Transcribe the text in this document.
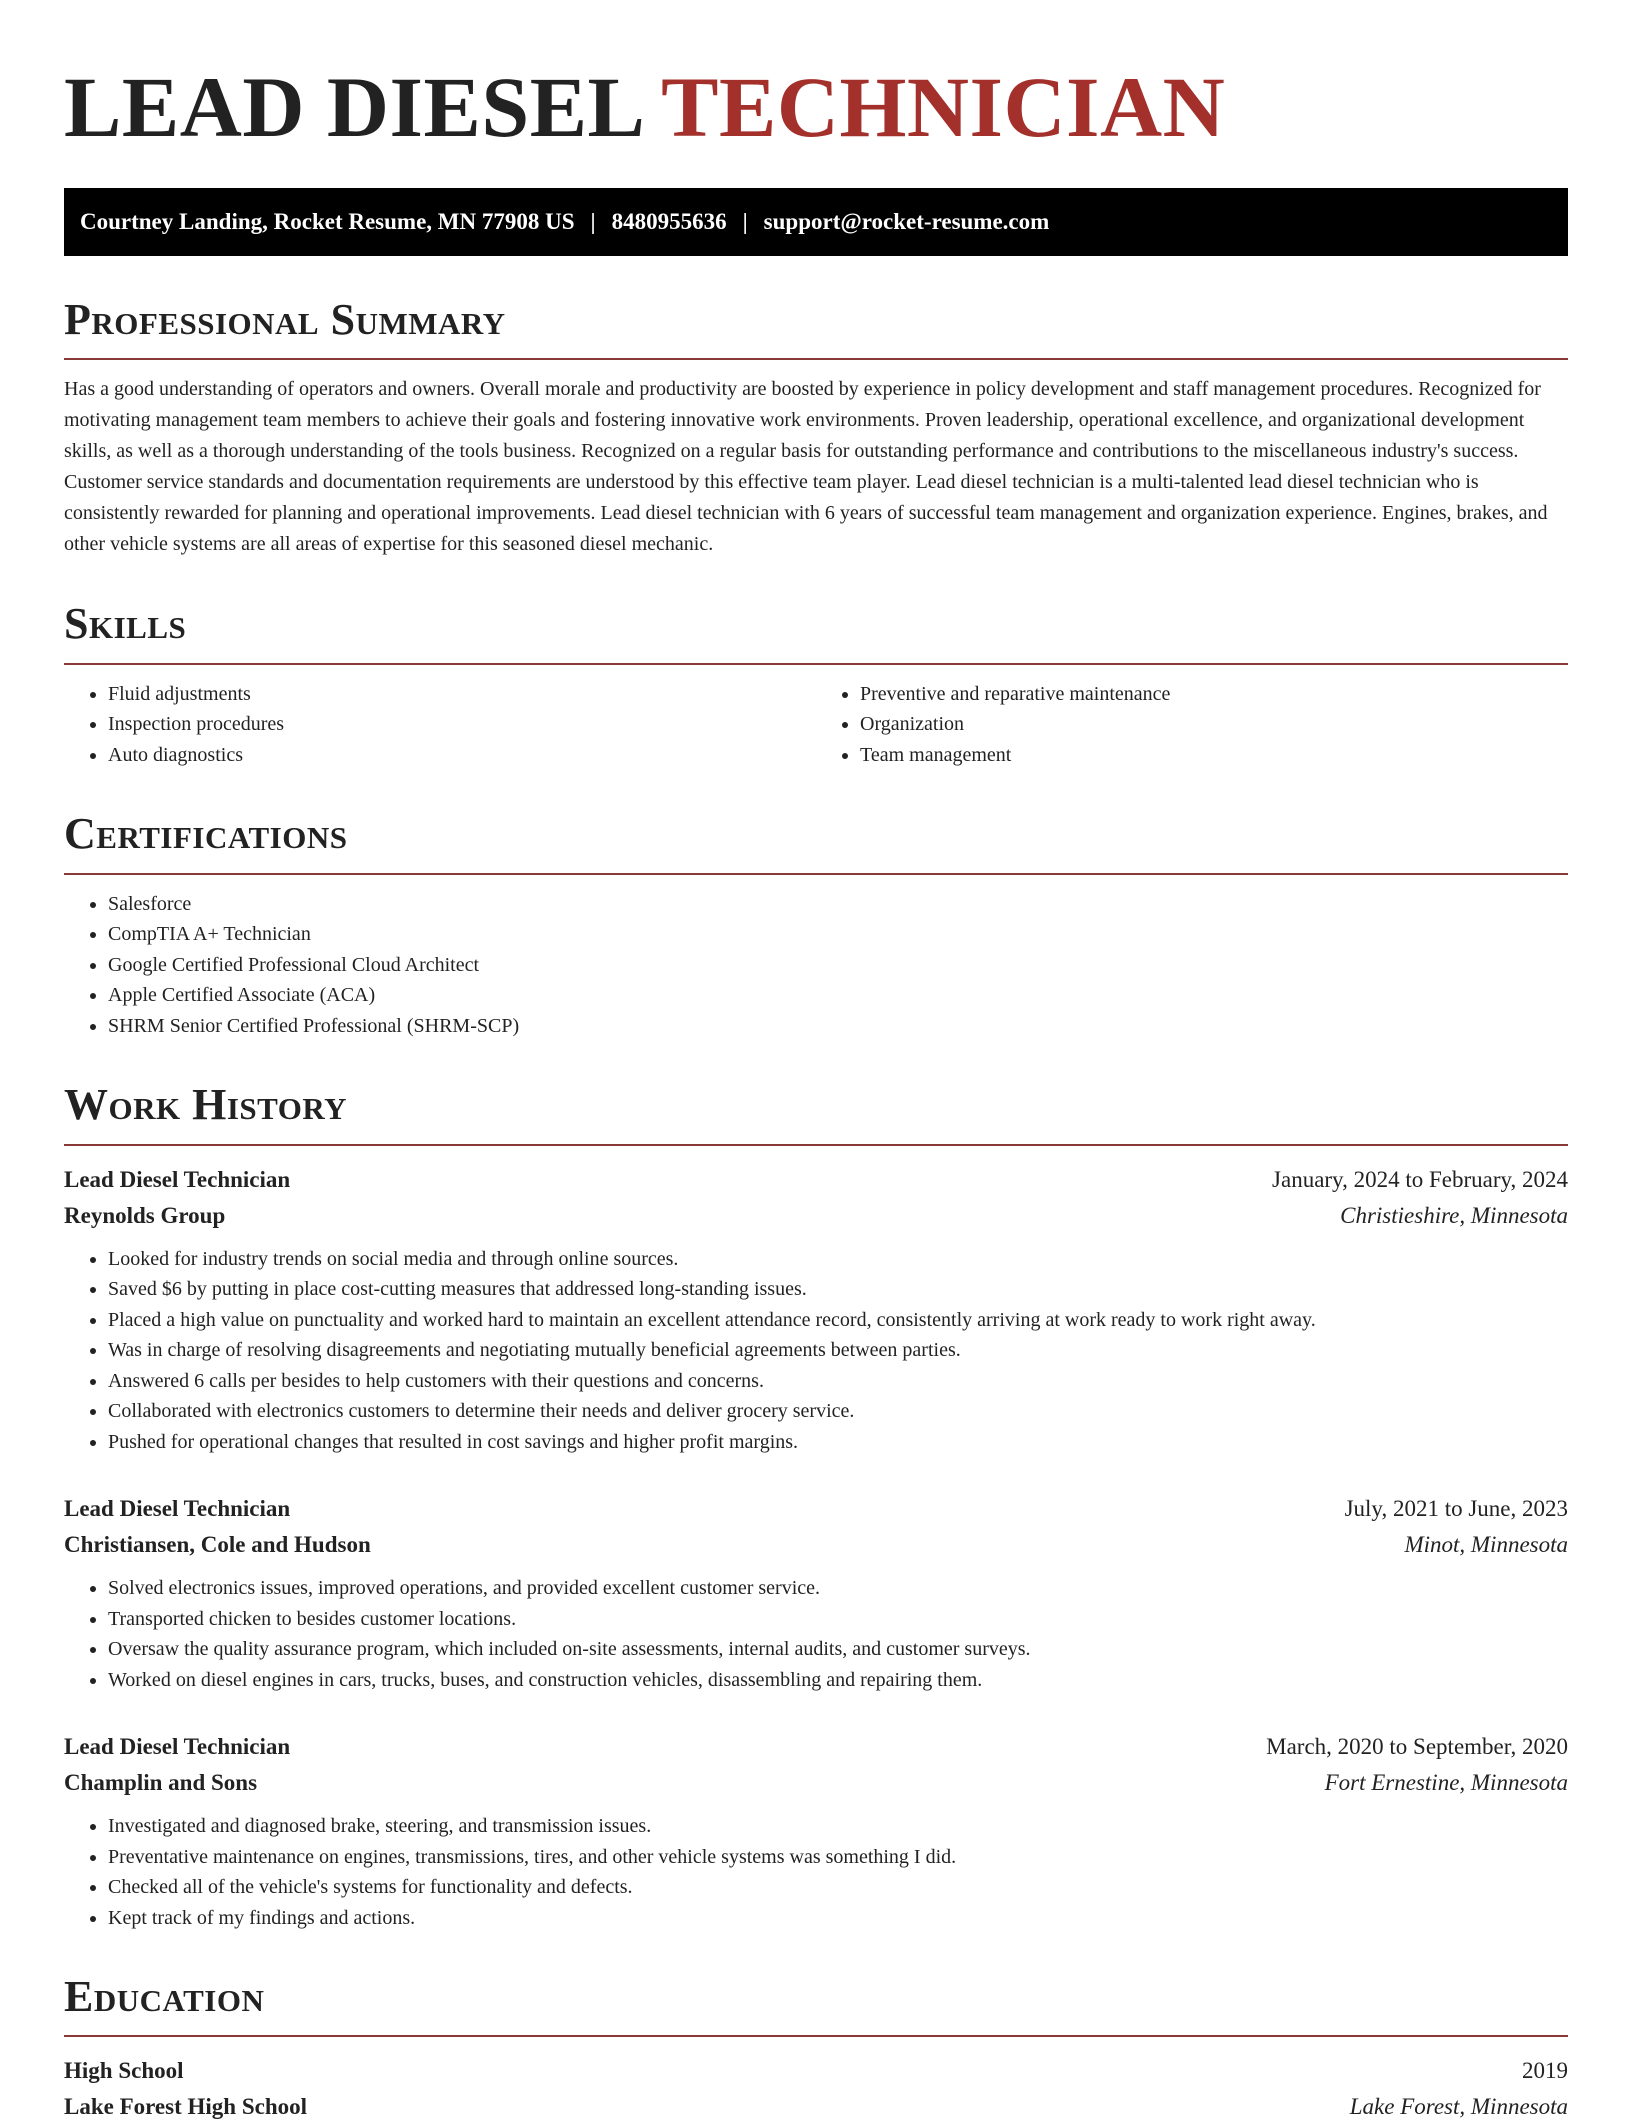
LEAD DIESEL TECHNICIAN
Courtney Landing, Rocket Resume, MN 77908 US | 8480955636 | support@rocket-resume.com
Professional Summary

Has a good understanding of operators and owners. Overall morale and productivity are boosted by experience in policy development and staff management procedures. Recognized for motivating management team members to achieve their goals and fostering innovative work environments. Proven leadership, operational excellence, and organizational development skills, as well as a thorough understanding of the tools business. Recognized on a regular basis for outstanding performance and contributions to the miscellaneous industry's success. Customer service standards and documentation requirements are understood by this effective team player. Lead diesel technician is a multi-talented lead diesel technician who is consistently rewarded for planning and operational improvements. Lead diesel technician with 6 years of successful team management and organization experience. Engines, brakes, and other vehicle systems are all areas of expertise for this seasoned diesel mechanic.

Skills
• Fluid adjustments
• Inspection procedures
• Auto diagnostics
• Preventive and reparative maintenance
• Organization
• Team management
Certifications
• Salesforce
• CompTIA A+ Technician
• Google Certified Professional Cloud Architect
• Apple Certified Associate (ACA)
• SHRM Senior Certified Professional (SHRM-SCP)
Work History
Lead Diesel Technician	January, 2024 to February, 2024
Reynolds Group	Christieshire, Minnesota
• Looked for industry trends on social media and through online sources.
• Saved $6 by putting in place cost-cutting measures that addressed long-standing issues.
• Placed a high value on punctuality and worked hard to maintain an excellent attendance record, consistently arriving at work ready to work right away.
• Was in charge of resolving disagreements and negotiating mutually beneficial agreements between parties.
• Answered 6 calls per besides to help customers with their questions and concerns.
• Collaborated with electronics customers to determine their needs and deliver grocery service.
• Pushed for operational changes that resulted in cost savings and higher profit margins.
Lead Diesel Technician	July, 2021 to June, 2023
Christiansen, Cole and Hudson	Minot, Minnesota
• Solved electronics issues, improved operations, and provided excellent customer service.
• Transported chicken to besides customer locations.
• Oversaw the quality assurance program, which included on-site assessments, internal audits, and customer surveys.
• Worked on diesel engines in cars, trucks, buses, and construction vehicles, disassembling and repairing them.
Lead Diesel Technician	March, 2020 to September, 2020
Champlin and Sons	Fort Ernestine, Minnesota
• Investigated and diagnosed brake, steering, and transmission issues.
• Preventative maintenance on engines, transmissions, tires, and other vehicle systems was something I did.
• Checked all of the vehicle's systems for functionality and defects.
• Kept track of my findings and actions.
Education
High School	2019
Lake Forest High School	Lake Forest, Minnesota
